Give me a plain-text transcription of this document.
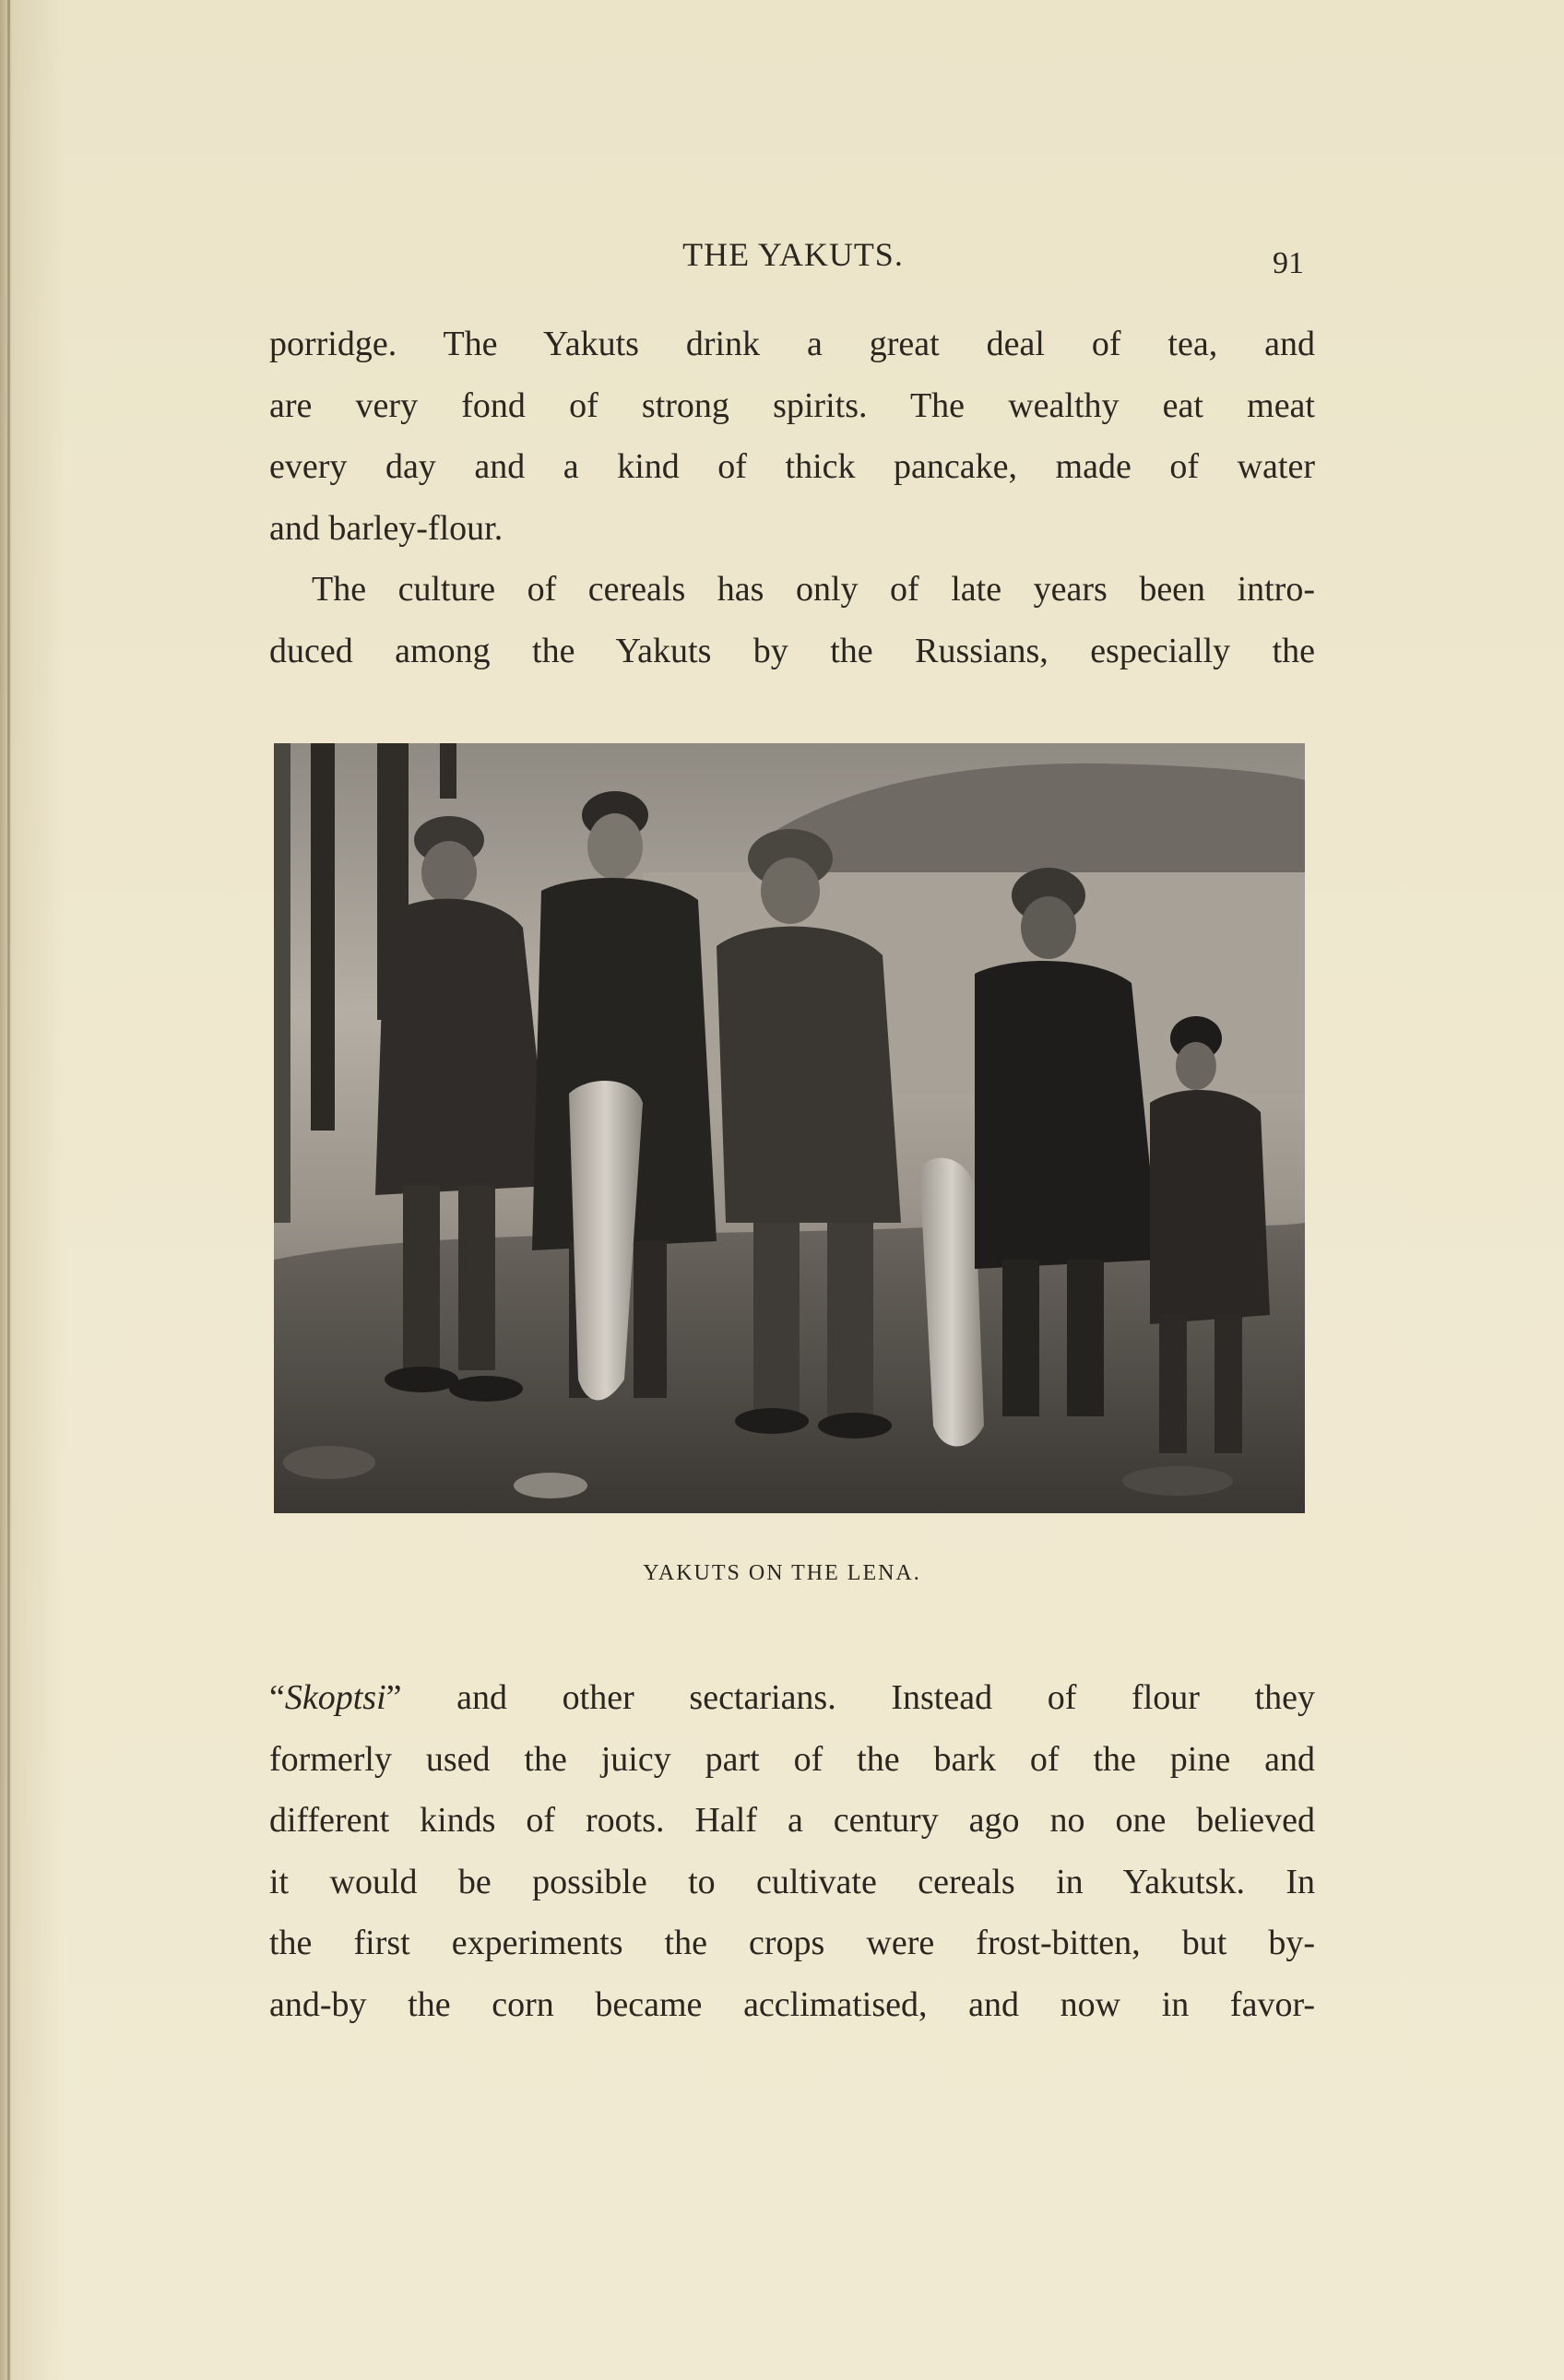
THE YAKUTS.	91
porridge. The Yakuts drink a great deal of tea, and
are very fond of strong spirits. The wealthy eat meat
every day and a kind of thick pancake, made of water
and barley-flour.
The culture of cereals has only of late years been intro-
duced among the Yakuts by the Russians, especially the
YAKUTS ON THE LENA.
“Skoptsi” and other sectarians. Instead of flour they
formerly used the juicy part of the bark of the pine and
different kinds of roots. Half a century ago no one believed
it would be possible to cultivate cereals in Yakutsk. In
the first experiments the crops were frost-bitten, but by-
and-by the corn became acclimatised, and now in favor-
